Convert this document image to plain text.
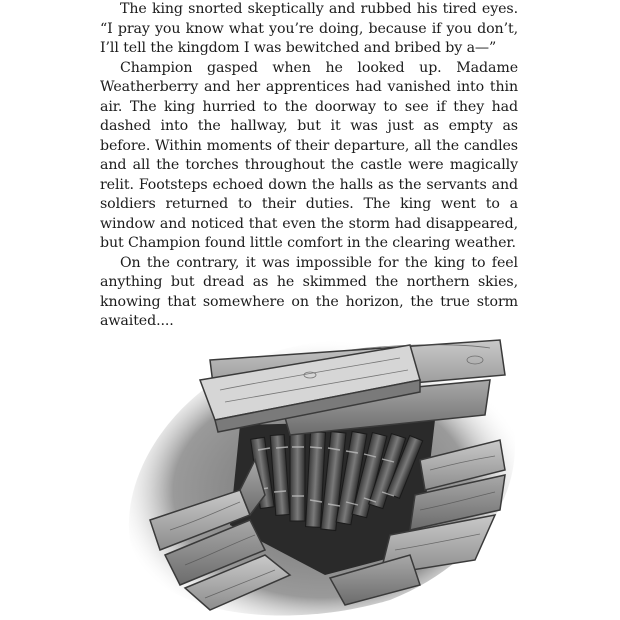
The king snorted skeptically and rubbed his tired eyes. “I pray you know what you’re doing, because if you don’t, I’ll tell the kingdom I was bewitched and bribed by a—”

Champion gasped when he looked up. Madame Weatherberry and her apprentices had vanished into thin air. The king hurried to the doorway to see if they had dashed into the hallway, but it was just as empty as before. Within moments of their departure, all the candles and all the torches throughout the castle were magically relit. Footsteps echoed down the halls as the servants and soldiers returned to their duties. The king went to a window and noticed that even the storm had disappeared, but Champion found little comfort in the clearing weather.

On the contrary, it was impossible for the king to feel anything but dread as he skimmed the northern skies, knowing that somewhere on the horizon, the true storm awaited....
